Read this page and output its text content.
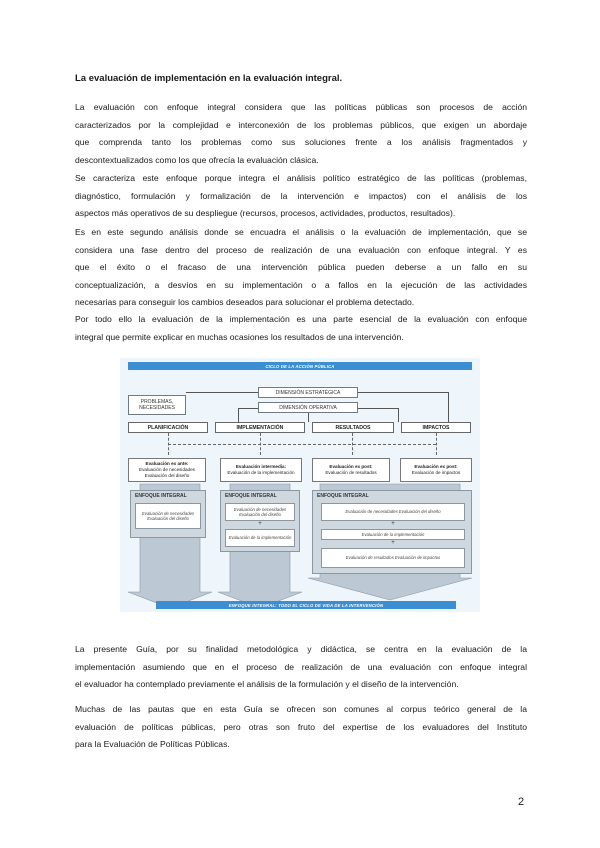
La evaluación de implementación en la evaluación integral.
La evaluación con enfoque integral considera que las políticas públicas son procesos de acción
caracterizados por la complejidad e interconexión de los problemas públicos, que exigen un abordaje
que comprenda tanto los problemas como sus soluciones frente a los análisis fragmentados y
descontextualizados como los que ofrecía la evaluación clásica.
Se caracteriza este enfoque porque integra el análisis político estratégico de las políticas (problemas,
diagnóstico, formulación y formalización de la intervención e impactos) con el análisis de los
aspectos más operativos de su despliegue (recursos, procesos, actividades, productos, resultados).
Es en este segundo análisis donde se encuadra el análisis o la evaluación de implementación, que se
considera una fase dentro del proceso de realización de una evaluación con enfoque integral. Y es
que el éxito o el fracaso de una intervención pública pueden deberse a un fallo en su
conceptualización, a desvíos en su implementación o a fallos en la ejecución de las actividades
necesarias para conseguir los cambios deseados para solucionar el problema detectado.
Por todo ello la evaluación de la implementación es una parte esencial de la evaluación con enfoque
integral que permite explicar en muchas ocasiones los resultados de una intervención.
La presente Guía, por su finalidad metodológica y didáctica, se centra en la evaluación de la
implementación asumiendo que en el proceso de realización de una evaluación con enfoque integral
el evaluador ha contemplado previamente el análisis de la formulación y el diseño de la intervención.
Muchas de las pautas que en esta Guía se ofrecen son comunes al corpus teórico general de la
evaluación de políticas públicas, pero otras son fruto del expertise de los evaluadores del Instituto
para la Evaluación de Políticas Públicas.
CICLO DE LA ACCIÓN PÚBLICA
PROBLEMAS, NECESIDADES
DIMENSIÓN ESTRATÉGICA
DIMENSIÓN OPERATIVA
PLANIFICACIÓN	IMPLEMENTACIÓN	RESULTADOS	IMPACTOS
Evaluación ex ante:
Evaluación de necesidades Evaluación del diseño
Evaluación intermedia:
Evaluación de la implementación
Evaluación ex post:
Evaluación de resultados
Evaluación ex post:
Evaluación de impactos
ENFOQUE INTEGRAL
Evaluación de necesidades Evaluación del diseño
ENFOQUE INTEGRAL
Evaluación de necesidades Evaluación del diseño
+
Evaluación de la implementación
ENFOQUE INTEGRAL
Evaluación de necesidades Evaluación del diseño
+
Evaluación de la implementación
+
Evaluación de resultados Evaluación de impactos
ENFOQUE INTEGRAL: TODO EL CICLO DE VIDA DE LA INTERVENCIÓN
2
